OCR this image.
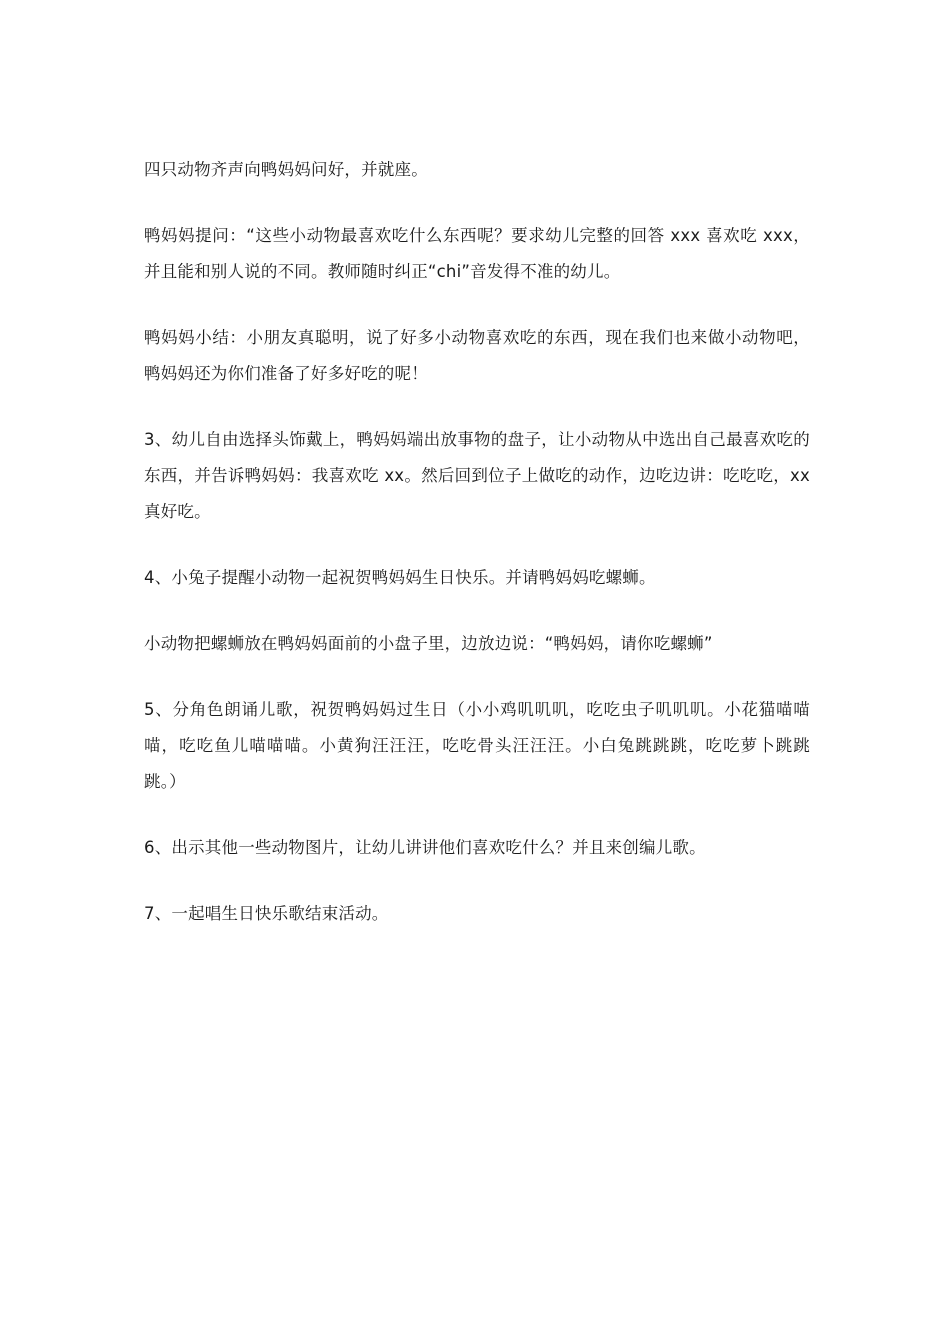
四只动物齐声向鸭妈妈问好，并就座。

鸭妈妈提问：“这些小动物最喜欢吃什么东西呢？要求幼儿完整的回答 xxx 喜欢吃 xxx，并且能和别人说的不同。教师随时纠正“chi”音发得不准的幼儿。

鸭妈妈小结：小朋友真聪明，说了好多小动物喜欢吃的东西，现在我们也来做小动物吧，鸭妈妈还为你们准备了好多好吃的呢！

3、幼儿自由选择头饰戴上，鸭妈妈端出放事物的盘子，让小动物从中选出自己最喜欢吃的东西，并告诉鸭妈妈：我喜欢吃 xx。然后回到位子上做吃的动作，边吃边讲：吃吃吃，xx 真好吃。

4、小兔子提醒小动物一起祝贺鸭妈妈生日快乐。并请鸭妈妈吃螺蛳。

小动物把螺蛳放在鸭妈妈面前的小盘子里，边放边说：“鸭妈妈，请你吃螺蛳”

5、分角色朗诵儿歌，祝贺鸭妈妈过生日（小小鸡叽叽叽，吃吃虫子叽叽叽。小花猫喵喵喵，吃吃鱼儿喵喵喵。小黄狗汪汪汪，吃吃骨头汪汪汪。小白兔跳跳跳，吃吃萝卜跳跳跳。）

6、出示其他一些动物图片，让幼儿讲讲他们喜欢吃什么？并且来创编儿歌。

7、一起唱生日快乐歌结束活动。
